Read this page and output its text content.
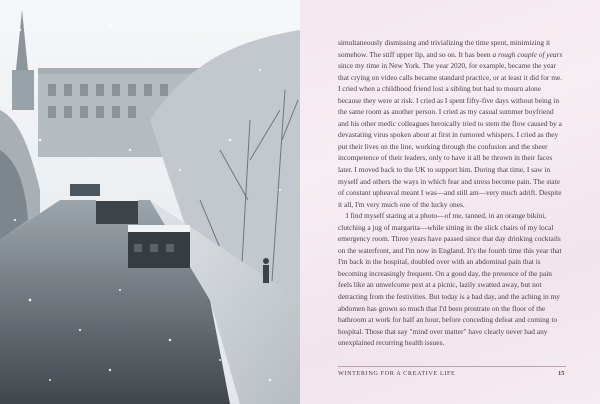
simultaneously dismissing and trivializing the time spent, minimizing it somehow. The stiff upper lip, and so on. It has been a rough couple of years since my time in New York. The year 2020, for example, became the year that crying on video calls became standard practice, or at least it did for me. I cried when a childhood friend lost a sibling but had to mourn alone because they were at risk. I cried as I spent fifty-five days without being in the same room as another person. I cried as my casual summer boyfriend and his other medic colleagues heroically tried to stem the flow caused by a devastating virus spoken about at first in rumored whispers. I cried as they put their lives on the line, working through the confusion and the sheer incompetence of their leaders, only to have it all be thrown in their faces later. I moved back to the UK to support him. During that time, I saw in myself and others the ways in which fear and stress become pain. The state of constant upheaval meant I was—and still am—very much adrift. Despite it all, I'm very much one of the lucky ones.

I find myself staring at a photo—of me, tanned, in an orange bikini, clutching a jug of margarita—while sitting in the slick chairs of my local emergency room. Three years have passed since that day drinking cocktails on the waterfront, and I'm now in England. It's the fourth time this year that I'm back in the hospital, doubled over with an abdominal pain that is becoming increasingly frequent. On a good day, the presence of the pain feels like an unwelcome pest at a picnic, lazily swatted away, but not detracting from the festivities. But today is a bad day, and the aching in my abdomen has grown so much that I'd been prostrate on the floor of the bathroom at work for half an hour, before conceding defeat and coming to hospital. Those that say "mind over matter" have clearly never had any unexplained recurring health issues.

WINTERING FOR A CREATIVE LIFE	15
